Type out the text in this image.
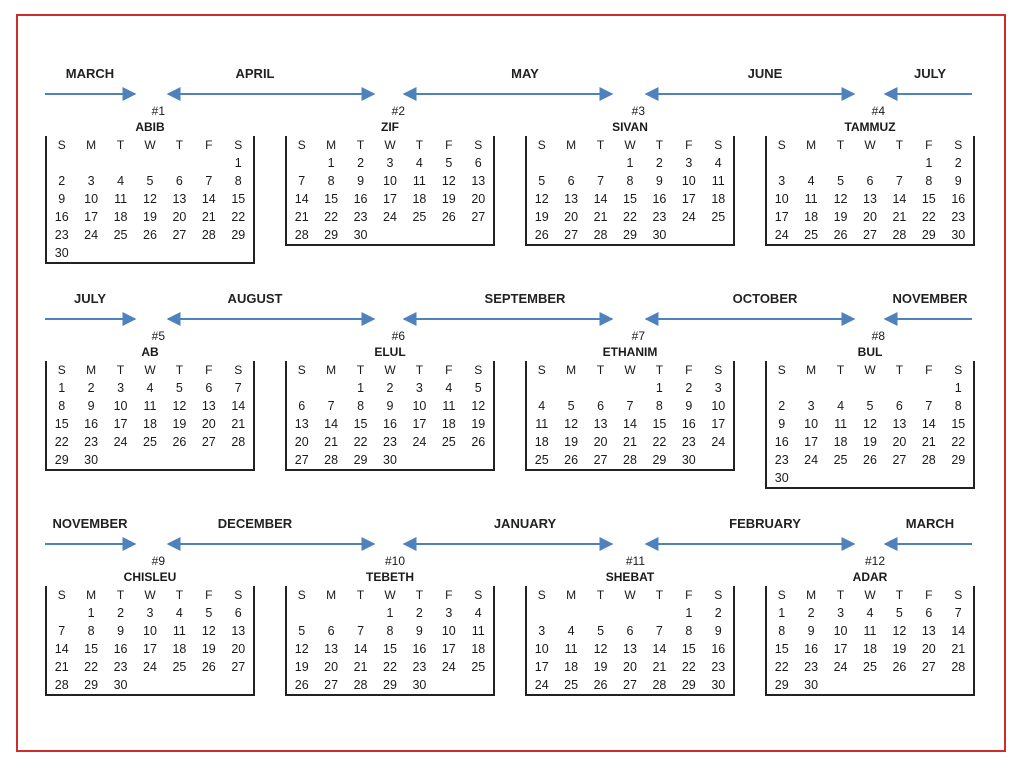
MARCH	APRIL	MAY	JUNE	JULY
#1
ABIB
S	M	T	W	T	F	S
						1
2	3	4	5	6	7	8
9	10	11	12	13	14	15
16	17	18	19	20	21	22
23	24	25	26	27	28	29
30						
#2
ZIF
S	M	T	W	T	F	S
	1	2	3	4	5	6
7	8	9	10	11	12	13
14	15	16	17	18	19	20
21	22	23	24	25	26	27
28	29	30				
#3
SIVAN
S	M	T	W	T	F	S
			1	2	3	4
5	6	7	8	9	10	11
12	13	14	15	16	17	18
19	20	21	22	23	24	25
26	27	28	29	30		
#4
TAMMUZ
S	M	T	W	T	F	S
					1	2
3	4	5	6	7	8	9
10	11	12	13	14	15	16
17	18	19	20	21	22	23
24	25	26	27	28	29	30
JULY	AUGUST	SEPTEMBER	OCTOBER	NOVEMBER
#5
AB
S	M	T	W	T	F	S
1	2	3	4	5	6	7
8	9	10	11	12	13	14
15	16	17	18	19	20	21
22	23	24	25	26	27	28
29	30					
#6
ELUL
S	M	T	W	T	F	S
		1	2	3	4	5
6	7	8	9	10	11	12
13	14	15	16	17	18	19
20	21	22	23	24	25	26
27	28	29	30			
#7
ETHANIM
S	M	T	W	T	F	S
				1	2	3
4	5	6	7	8	9	10
11	12	13	14	15	16	17
18	19	20	21	22	23	24
25	26	27	28	29	30	
#8
BUL
S	M	T	W	T	F	S
						1
2	3	4	5	6	7	8
9	10	11	12	13	14	15
16	17	18	19	20	21	22
23	24	25	26	27	28	29
30						
NOVEMBER	DECEMBER	JANUARY	FEBRUARY	MARCH
#9
CHISLEU
S	M	T	W	T	F	S
	1	2	3	4	5	6
7	8	9	10	11	12	13
14	15	16	17	18	19	20
21	22	23	24	25	26	27
28	29	30				
#10
TEBETH
S	M	T	W	T	F	S
			1	2	3	4
5	6	7	8	9	10	11
12	13	14	15	16	17	18
19	20	21	22	23	24	25
26	27	28	29	30		
#11
SHEBAT
S	M	T	W	T	F	S
					1	2
3	4	5	6	7	8	9
10	11	12	13	14	15	16
17	18	19	20	21	22	23
24	25	26	27	28	29	30
#12
ADAR
S	M	T	W	T	F	S
1	2	3	4	5	6	7
8	9	10	11	12	13	14
15	16	17	18	19	20	21
22	23	24	25	26	27	28
29	30					
